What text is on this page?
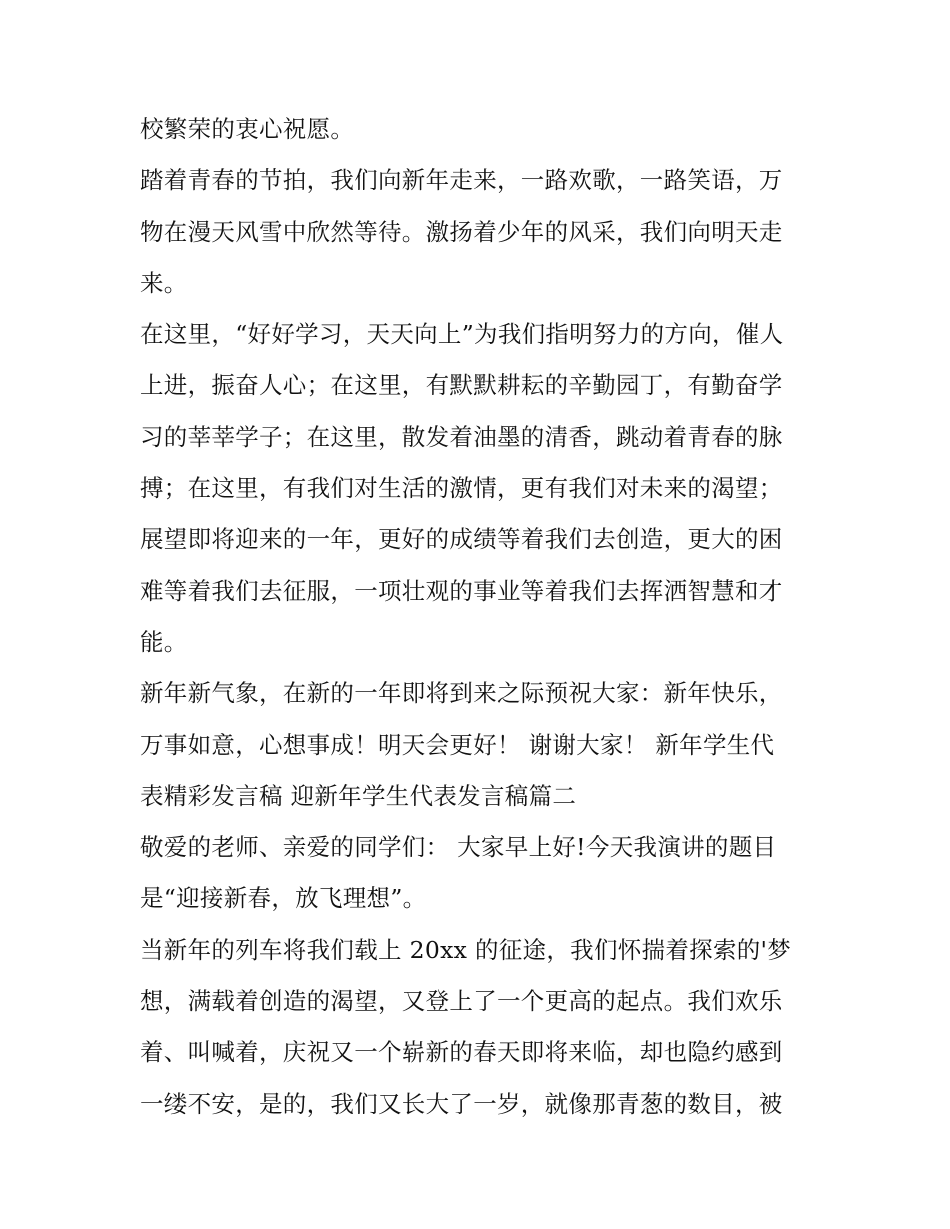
校繁荣的衷心祝愿。
踏着青春的节拍，我们向新年走来，一路欢歌，一路笑语，万
物在漫天风雪中欣然等待。激扬着少年的风采，我们向明天走
来。
在这里，“好好学习，天天向上”为我们指明努力的方向，催人
上进，振奋人心；在这里，有默默耕耘的辛勤园丁，有勤奋学
习的莘莘学子；在这里，散发着油墨的清香，跳动着青春的脉
搏；在这里，有我们对生活的激情，更有我们对未来的渴望；
展望即将迎来的一年，更好的成绩等着我们去创造，更大的困
难等着我们去征服，一项壮观的事业等着我们去挥洒智慧和才
能。
新年新气象，在新的一年即将到来之际预祝大家：新年快乐，
万事如意，心想事成！明天会更好！ 谢谢大家！ 新年学生代
表精彩发言稿 迎新年学生代表发言稿篇二
敬爱的老师、亲爱的同学们： 大家早上好!今天我演讲的题目
是“迎接新春，放飞理想”。
当新年的列车将我们载上 20xx 的征途，我们怀揣着探索的'梦
想，满载着创造的渴望，又登上了一个更高的起点。我们欢乐
着、叫喊着，庆祝又一个崭新的春天即将来临，却也隐约感到
一缕不安，是的，我们又长大了一岁，就像那青葱的数目，被
